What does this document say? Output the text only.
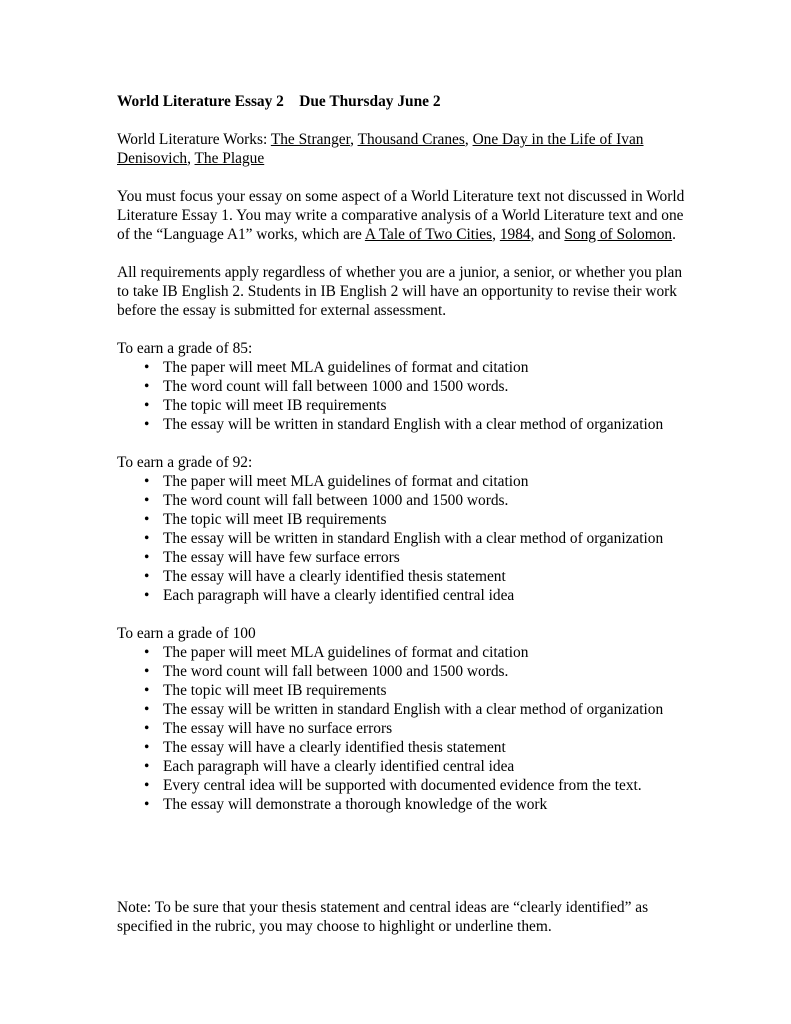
World Literature Essay 2    Due Thursday June 2

World Literature Works: The Stranger, Thousand Cranes, One Day in the Life of Ivan Denisovich, The Plague

You must focus your essay on some aspect of a World Literature text not discussed in World Literature Essay 1. You may write a comparative analysis of a World Literature text and one of the “Language A1” works, which are A Tale of Two Cities, 1984, and Song of Solomon.

All requirements apply regardless of whether you are a junior, a senior, or whether you plan to take IB English 2. Students in IB English 2 will have an opportunity to revise their work before the essay is submitted for external assessment.

To earn a grade of 85:

• The paper will meet MLA guidelines of format and citation
• The word count will fall between 1000 and 1500 words.
• The topic will meet IB requirements
• The essay will be written in standard English with a clear method of organization

To earn a grade of 92:

• The paper will meet MLA guidelines of format and citation
• The word count will fall between 1000 and 1500 words.
• The topic will meet IB requirements
• The essay will be written in standard English with a clear method of organization
• The essay will have few surface errors
• The essay will have a clearly identified thesis statement
• Each paragraph will have a clearly identified central idea

To earn a grade of 100

• The paper will meet MLA guidelines of format and citation
• The word count will fall between 1000 and 1500 words.
• The topic will meet IB requirements
• The essay will be written in standard English with a clear method of organization
• The essay will have no surface errors
• The essay will have a clearly identified thesis statement
• Each paragraph will have a clearly identified central idea
• Every central idea will be supported with documented evidence from the text.
• The essay will demonstrate a thorough knowledge of the work

Note: To be sure that your thesis statement and central ideas are “clearly identified” as specified in the rubric, you may choose to highlight or underline them.
